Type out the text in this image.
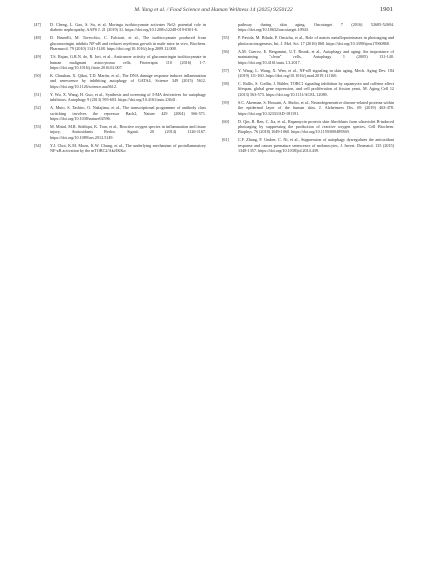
M. Yang et al. / Food Science and Human Wellness 14 (2025) 9250122	1901
[47] D. Cheng, L. Gao, S. Su, et al. Moringa isothiocyanate activates Nrf2: potential role in diabetic nephropathy, AAPS J. 21 (2019) 31. https://doi.org/10.1208/s12248-019-0301-6.
[48] D. Brunelli, M. Tavecchio, C. Falcioni, et al., The isothiocyanate produced from glucomoringin inhibits NF-κB and reduces myeloma growth in nude mice in vivo, Biochem. Pharmacol. 79 (2010) 1141-1148. https://doi.org/10.1016/j.bcp.2009.12.008.
[49] T.S. Rajan, G.R.N. de, R. Iori, et al., Anticancer activity of glucomoringin isothiocyanate in human malignant astrocytoma cells, Fitoterapia 110 (2016) 1-7. https://doi.org/10.1016/j.fitote.2016.02.007.
[50] K. Chauhan, X. Qikai, T.D. Martin, et al., The DNA damage response induces inflammation and senescence by inhibiting autophagy of GATA4, Science 349 (2015) 5612. https://doi.org/10.1126/science.aaa5612.
[51] Y. Wu, X. Wang, H. Guo, et al., Synthesis and screening of 3-MA derivatives for autophagy inhibitors, Autophagy 9 (2013) 595-603. https://doi.org/10.4161/auto.23641.
[52] A. Muto, S. Tashiro, O. Nakajima, et al., The transcriptional programme of antibody class switching involves the repressor Bach2, Nature 429 (2004) 566-571. https://doi.org/10.1038/nature02596.
[53] M. Mittal, M.R. Siddiqui, K. Tran, et al., Reactive oxygen species in inflammation and tissue injury, Antioxidants Redox. Signal. 20 (2014) 1126-1167. https://doi.org/10.1089/ars.2012.5149.
[54] Y.J. Choi, K.M. Moon, K.W. Chung, et al., The underlying mechanism of proinflammatory NF-κB activation by the mTORC2/Akt/IKKα
pathway during skin aging, Oncotarget 7 (2016) 52685-52694. https://doi.org/10.18632/oncotarget.10943.
[55] P. Pavida, M. Bilada, P. Onsicha, et al., Role of matrix metalloproteinases in photoaging and photocarcinogenesis, Int. J. Mol. Sci. 17 (2016) 868. https://doi.org/10.3390/ijms17060868.
[56] A.M. Cuervo, E. Bergamini, U.T. Brunk, et al., Autophagy and aging: the importance of maintaining "clean" cells, Autophagy 1 (2005) 131-140. https://doi.org/10.4161/auto.1.3.2017.
[57] Y. Wang, L. Wang, X. Wen, et al., NF-κB signaling in skin aging, Mech. Aging Dev. 184 (2019) 111-160. https://doi.org/10.1016/j.mad.2019.111160.
[58] C. Rallis, S. Codlin, J. Bähler, TORC1 signaling inhibition by rapamycin and caffeine affect lifespan, global gene expression, and cell proliferation of fission yeast, M. Aging Cell 12 (2013) 563-573. https://doi.org/10.1111/ACEL.12080.
[59] S.C. Akerman, S. Hossain, A. Shobo, et al., Neurodegenerative disease-related proteins within the epidermal layer of the human skin, J. Alzheimers Dis. 69 (2019) 463-478. https://doi.org/10.3233/JAD-181191.
[60] D. Qin, R. Ren, C. Jia, et al., Rapamycin protects skin fibroblasts from ultraviolet B-induced photoaging by suppressing the production of reactive oxygen species, Cell Biochem. Biophys. 76 (2018) 1049-1060. https://doi.org/10.1159/000489369.
[61] C.F. Zhang, F. Gruber, C. Ni, et al., Suppression of autophagy dysregulates the antioxidant response and causes premature senescence of melanocytes, J. Invest. Dermatol. 135 (2015) 1348-1357. https://doi.org/10.1038/jid.2014.439.
